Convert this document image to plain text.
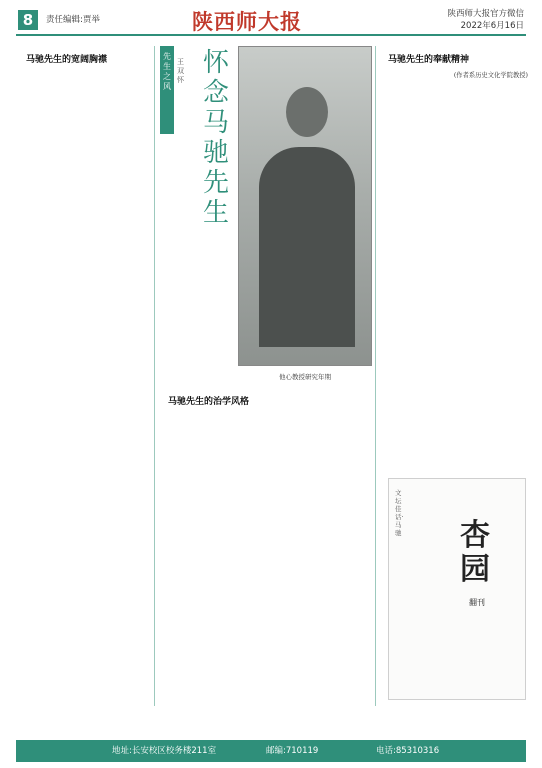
8	责任编辑:贾举	陕西师大报	陕西师大报官方微信
2022年6月16日
马驰先生的宽阔胸襟	先生之风
王双怀
怀念马驰先生
他心教授研究年期
马驰先生的治学风格
马驰先生的奉献精神
(作者系历史文化学院教授)
文坛佳话·马驰	杏园
翻刊
地址:长安校区校务楼211室	邮编:710119	电话:85310316
